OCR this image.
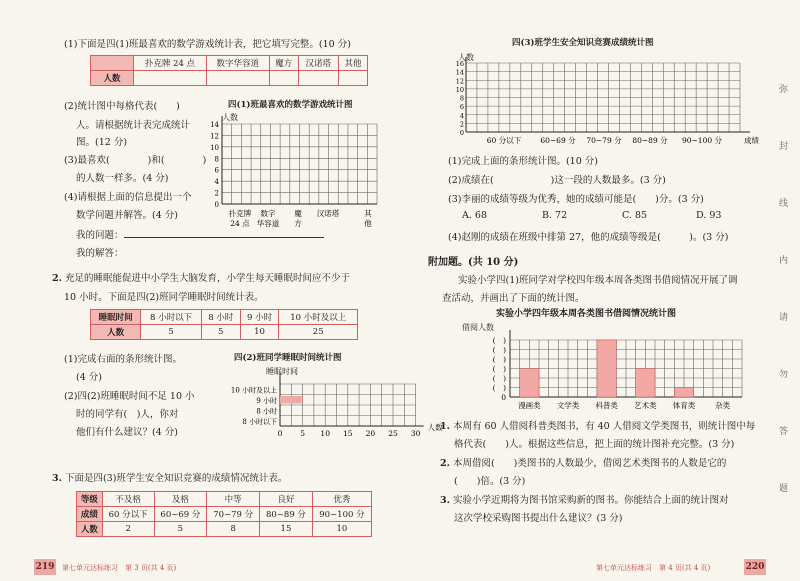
(1)下面是四(1)班最喜欢的数学游戏统计表，把它填写完整。(10 分)
	扑克牌 24 点	数字华容道	魔方	汉诺塔	其他
人数					
(2)统计图中每格代表(　　)
人。请根据统计表完成统计
图。(12 分)
(3)最喜欢(　　　　)和(　　　　)
的人数一样多。(4 分)
(4)请根据上面的信息提出一个
数学问题并解答。(4 分)
我的问题：
我的解答：
四(1)班最喜欢的数学游戏统计图
人数
2
4
6
8
10
12
14
0
扑克牌
24 点
数字
华容道
魔
方
汉诺塔	其
他
10 小时及以上
9 小时
8 小时
8 小时以下
0 5 10 15 20 25 30
人数
2
4
6
8
10
12
14
16
0
60 分以下	60~69 分 70~79 分 80~89 分 90~100 分	成绩
(　)
(　)
(　)
(　)
(　)
(　)
0
漫画类 文学类 科普类 艺术类 体育类	杂类
2. 充足的睡眠能促进中小学生大脑发育，小学生每天睡眠时间应不少于
10 小时。下面是四(2)班同学睡眠时间统计表。
睡眠时间	8 小时以下	8 小时	9 小时	10 小时及以上
人数	5	5	10	25
(1)完成右面的条形统计图。
(4 分)
(2)四(2)班睡眠时间不足 10 小
时的同学有(　)人，你对
他们有什么建议？(4 分)
四(2)班同学睡眠时间统计图
睡眠时间
3. 下面是四(3)班学生安全知识竞赛的成绩情况统计表。
等级	不及格	及格	中等	良好	优秀
成绩	60 分以下	60~69 分	70~79 分	80~89 分	90~100 分
人数	2	5	8	15	10
219 第七单元达标练习　第 3 页(共 4 页)
四(3)班学生安全知识竞赛成绩统计图
人数
(1)完成上面的条形统计图。(10 分)
(2)成绩在(　　　　　　)这一段的人数最多。(3 分)
(3)李丽的成绩等级为优秀，她的成绩可能是(　　)分。(3 分)
A. 68	B. 72	C. 85	D. 93
(4)赵刚的成绩在班级中排第 27，他的成绩等级是(　　　)。(3 分)
附加题。(共 10 分)
实验小学四(1)班同学对学校四年级本周各类图书借阅情况开展了调
查活动，并画出了下面的统计图。
实验小学四年级本周各类图书借阅情况统计图
借阅人数
1. 本周有 60 人借阅科普类图书，有 40 人借阅文学类图书，则统计图中每
格代表(　　)人。根据这些信息，把上面的统计图补充完整。(3 分)
2. 本周借阅(　　)类图书的人数最少，借阅艺术类图书的人数是它的
(　　)倍。(3 分)
3. 实验小学近期将为图书馆采购新的图书。你能结合上面的统计图对
这次学校采购图书提出什么建议？(3 分)
弥
封
线
内
请
勿
答
题
第七单元达标练习　第 4 页(共 4 页)	220
